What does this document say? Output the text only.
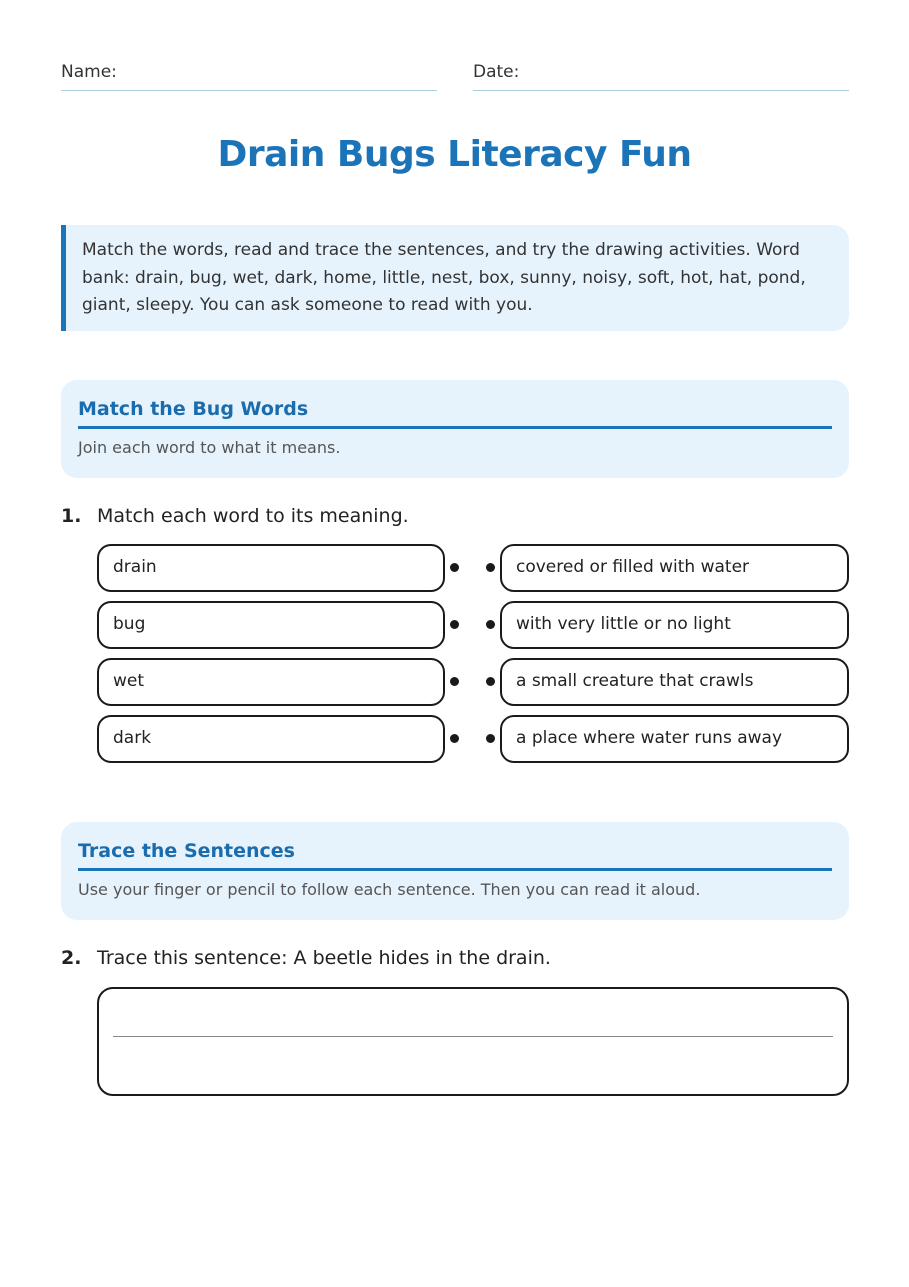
Name:	Date:
Drain Bugs Literacy Fun
Match the words, read and trace the sentences, and try the drawing activities. Word bank: drain, bug, wet, dark, home, little, nest, box, sunny, noisy, soft, hot, hat, pond, giant, sleepy. You can ask someone to read with you.
Match the Bug Words
Join each word to what it means.
1. Match each word to its meaning.
drain	covered or filled with water
bug	with very little or no light
wet	a small creature that crawls
dark	a place where water runs away
Trace the Sentences
Use your finger or pencil to follow each sentence. Then you can read it aloud.
2. Trace this sentence: A beetle hides in the drain.
